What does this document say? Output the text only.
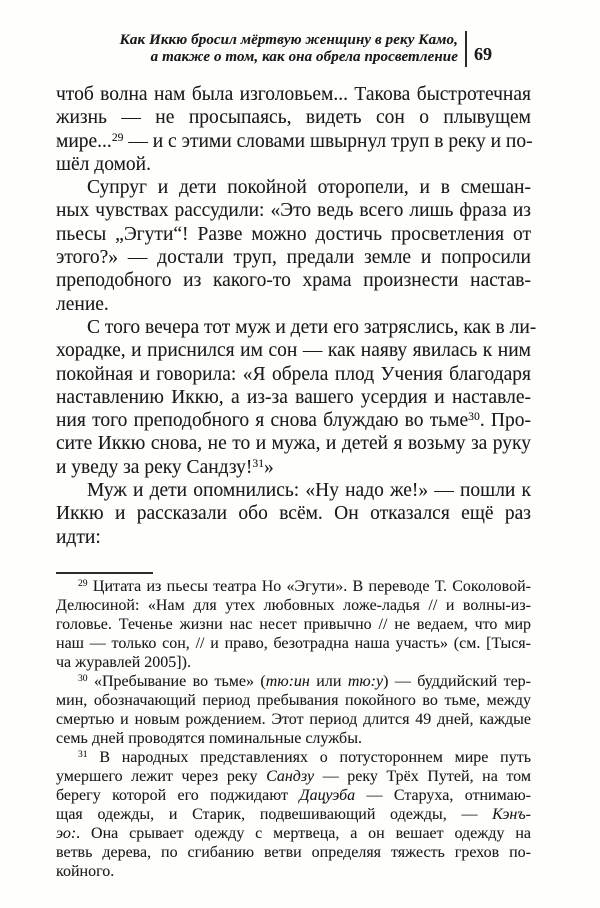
Как Иккю бросил мёртвую женщину в реку Камо,
а также о том, как она обрела просветление 69
чтоб волна нам была изголовьем... Такова быстротечная
жизнь — не просыпаясь, видеть сон о плывущем
мире...$^{29}$ — и с этими словами швырнул труп в реку и по-
шёл домой.
Супруг и дети покойной оторопели, и в смешан-
ных чувствах рассудили: «Это ведь всего лишь фраза из
пьесы „Эгути“! Разве можно достичь просветления от
этого?» — достали труп, предали земле и попросили
преподобного из какого-то храма произнести настав-
ление.
С того вечера тот муж и дети его затряслись, как в ли-
хорадке, и приснился им сон — как наяву явилась к ним
покойная и говорила: «Я обрела плод Учения благодаря
наставлению Иккю, а из-за вашего усердия и наставле-
ния того преподобного я снова блуждаю во тьме$^{30}$. Про-
сите Иккю снова, не то и мужа, и детей я возьму за руку
и уведу за реку Сандзу!$^{31}$»
Муж и дети опомнились: «Ну надо же!» — пошли к
Иккю и рассказали обо всём. Он отказался ещё раз
идти:
$^{29}$ Цитата из пьесы театра Но «Эгути». В переводе Т. Соколовой-
Делюсиной: «Нам для утех любовных ложе-ладья // и волны-из-
головье. Теченье жизни нас несет привычно // не ведаем, что мир
наш — только сон, // и право, безотрадна наша участь» (см. [Тыся-
ча журавлей 2005]).
$^{30}$ «Пребывание во тьме» (тю:ин или тю:у) — буддийский тер-
мин, обозначающий период пребывания покойного во тьме, между
смертью и новым рождением. Этот период длится 49 дней, каждые
семь дней проводятся поминальные службы.
$^{31}$ В народных представлениях о потустороннем мире путь
умершего лежит через реку Сандзу — реку Трёх Путей, на том
берегу которой его поджидают Дацуэба — Старуха, отнимаю-
щая одежды, и Старик, подвешивающий одежды, — Кэнъ-
эо:. Она срывает одежду с мертвеца, а он вешает одежду на
ветвь дерева, по сгибанию ветви определяя тяжесть грехов по-
койного.
